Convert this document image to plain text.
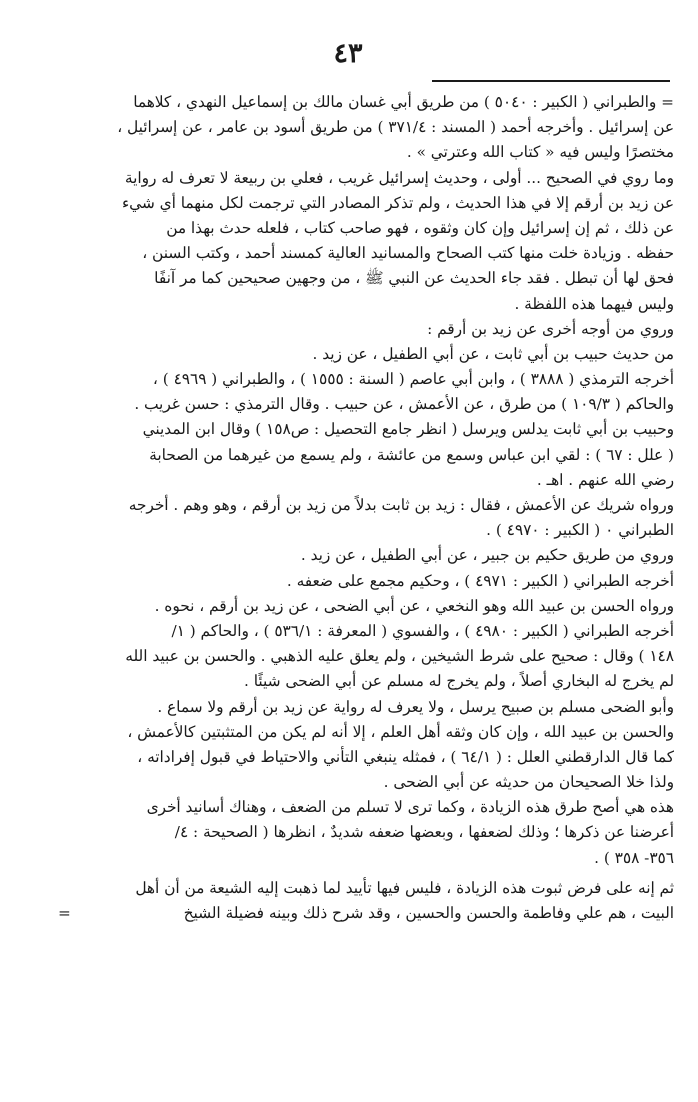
٤٣
= والطبراني ( الكبير : ٥٠٤٠ ) من طريق أبي غسان مالك بن إسماعيل النهدي ، كلاهما
عن إسرائيل . وأخرجه أحمد ( المسند : ٣٧١/٤ ) من طريق أسود بن عامر ، عن إسرائيل ،
مختصرًا وليس فيه « كتاب الله وعترتي » .
وما روي في الصحيح ... أولى ، وحديث إسرائيل غريب ، فعلي بن ربيعة لا تعرف له رواية
عن زيد بن أرقم إلا في هذا الحديث ، ولم تذكر المصادر التي ترجمت لكل منهما أي شيء
عن ذلك ، ثم إن إسرائيل وإن كان وثقوه ، فهو صاحب كتاب ، فلعله حدث بهذا من
حفظه . وزيادة خلت منها كتب الصحاح والمسانيد العالية كمسند أحمد ، وكتب السنن ،
فحق لها أن تبطل . فقد جاء الحديث عن النبي ﷺ ، من وجهين صحيحين كما مر آنفًا
وليس فيهما هذه اللفظة .
وروي من أوجه أخرى عن زيد بن أرقم :
من حديث حبيب بن أبي ثابت ، عن أبي الطفيل ، عن زيد .
أخرجه الترمذي ( ٣٨٨٨ ) ، وابن أبي عاصم ( السنة : ١٥٥٥ ) ، والطبراني ( ٤٩٦٩ ) ،
والحاكم ( ١٠٩/٣ ) من طرق ، عن الأعمش ، عن حبيب . وقال الترمذي : حسن غريب .
وحبيب بن أبي ثابت يدلس ويرسل ( انظر جامع التحصيل : ص١٥٨ ) وقال ابن المديني
( علل : ٦٧ ) : لقي ابن عباس وسمع من عائشة ، ولم يسمع من غيرهما من الصحابة
رضي الله عنهم . اهـ .
ورواه شريك عن الأعمش ، فقال : زيد بن ثابت بدلاً من زيد بن أرقم ، وهو وهم . أخرجه
الطبراني ٠ ( الكبير : ٤٩٧٠ ) .
وروي من طريق حكيم بن جبير ، عن أبي الطفيل ، عن زيد .
أخرجه الطبراني ( الكبير : ٤٩٧١ ) ، وحكيم مجمع على ضعفه .
ورواه الحسن بن عبيد الله وهو النخعي ، عن أبي الضحى ، عن زيد بن أرقم ، نحوه .
أخرجه الطبراني ( الكبير : ٤٩٨٠ ) ، والفسوي ( المعرفة : ٥٣٦/١ ) ، والحاكم ( ١/
١٤٨ ) وقال : صحيح على شرط الشيخين ، ولم يعلق عليه الذهبي . والحسن بن عبيد الله
لم يخرج له البخاري أصلاً ، ولم يخرج له مسلم عن أبي الضحى شيئًا .
وأبو الضحى مسلم بن صبيح يرسل ، ولا يعرف له رواية عن زيد بن أرقم ولا سماع .
والحسن بن عبيد الله ، وإن كان وثقه أهل العلم ، إلا أنه لم يكن من المتثبتين كالأعمش ،
كما قال الدارقطني العلل : ( ٦٤/١ ) ، فمثله ينبغي التأني والاحتياط في قبول إفراداته ،
ولذا خلا الصحيحان من حديثه عن أبي الضحى .
هذه هي أصح طرق هذه الزيادة ، وكما ترى لا تسلم من الضعف ، وهناك أسانيد أخرى
أعرضنا عن ذكرها ؛ وذلك لضعفها ، وبعضها ضعفه شديدٌ ، انظرها ( الصحيحة : ٤/
٣٥٦- ٣٥٨ ) .
ثم إنه على فرض ثبوت هذه الزيادة ، فليس فيها تأييد لما ذهبت إليه الشيعة من أن أهل
البيت ، هم علي وفاطمة والحسن والحسين ، وقد شرح ذلك وبينه فضيلة الشيخ
=
